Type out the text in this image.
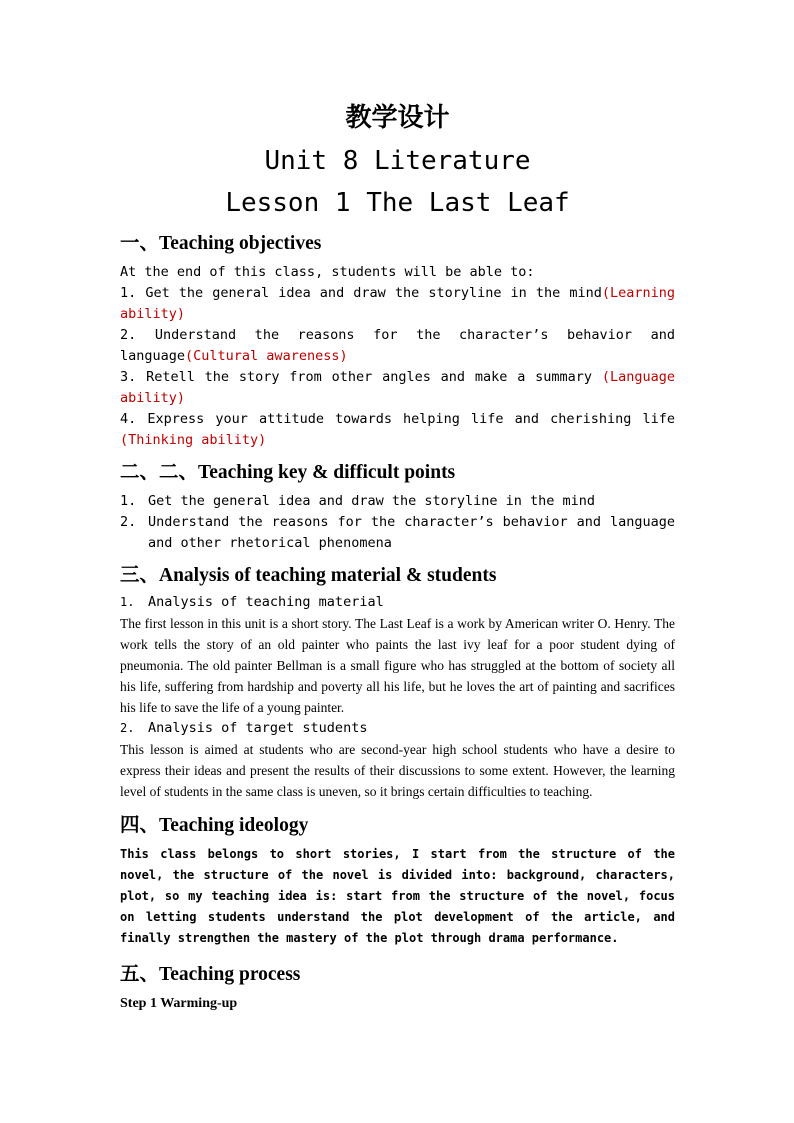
教学设计

Unit 8 Literature

Lesson 1 The Last Leaf

一、Teaching objectives

At the end of this class, students will be able to:

1. Get the general idea and draw the storyline in the mind(Learning ability)

2. Understand the reasons for the character’s behavior and language(Cultural awareness)

3. Retell the story from other angles and make a summary (Language ability)

4. Express your attitude towards helping life and cherishing life (Thinking ability)

二、二、Teaching key & difficult points

1. Get the general idea and draw the storyline in the mind
2. Understand the reasons for the character’s behavior and language and other rhetorical phenomena

三、Analysis of teaching material & students

1. Analysis of teaching material

The first lesson in this unit is a short story. The Last Leaf is a work by American writer O. Henry. The work tells the story of an old painter who paints the last ivy leaf for a poor student dying of pneumonia. The old painter Bellman is a small figure who has struggled at the bottom of society all his life, suffering from hardship and poverty all his life, but he loves the art of painting and sacrifices his life to save the life of a young painter.

2. Analysis of target students

This lesson is aimed at students who are second-year high school students who have a desire to express their ideas and present the results of their discussions to some extent. However, the learning level of students in the same class is uneven, so it brings certain difficulties to teaching.

四、Teaching ideology

This class belongs to short stories, I start from the structure of the novel, the structure of the novel is divided into: background, characters, plot, so my teaching idea is: start from the structure of the novel, focus on letting students understand the plot development of the article, and finally strengthen the mastery of the plot through drama performance.

五、Teaching process

Step 1 Warming-up
